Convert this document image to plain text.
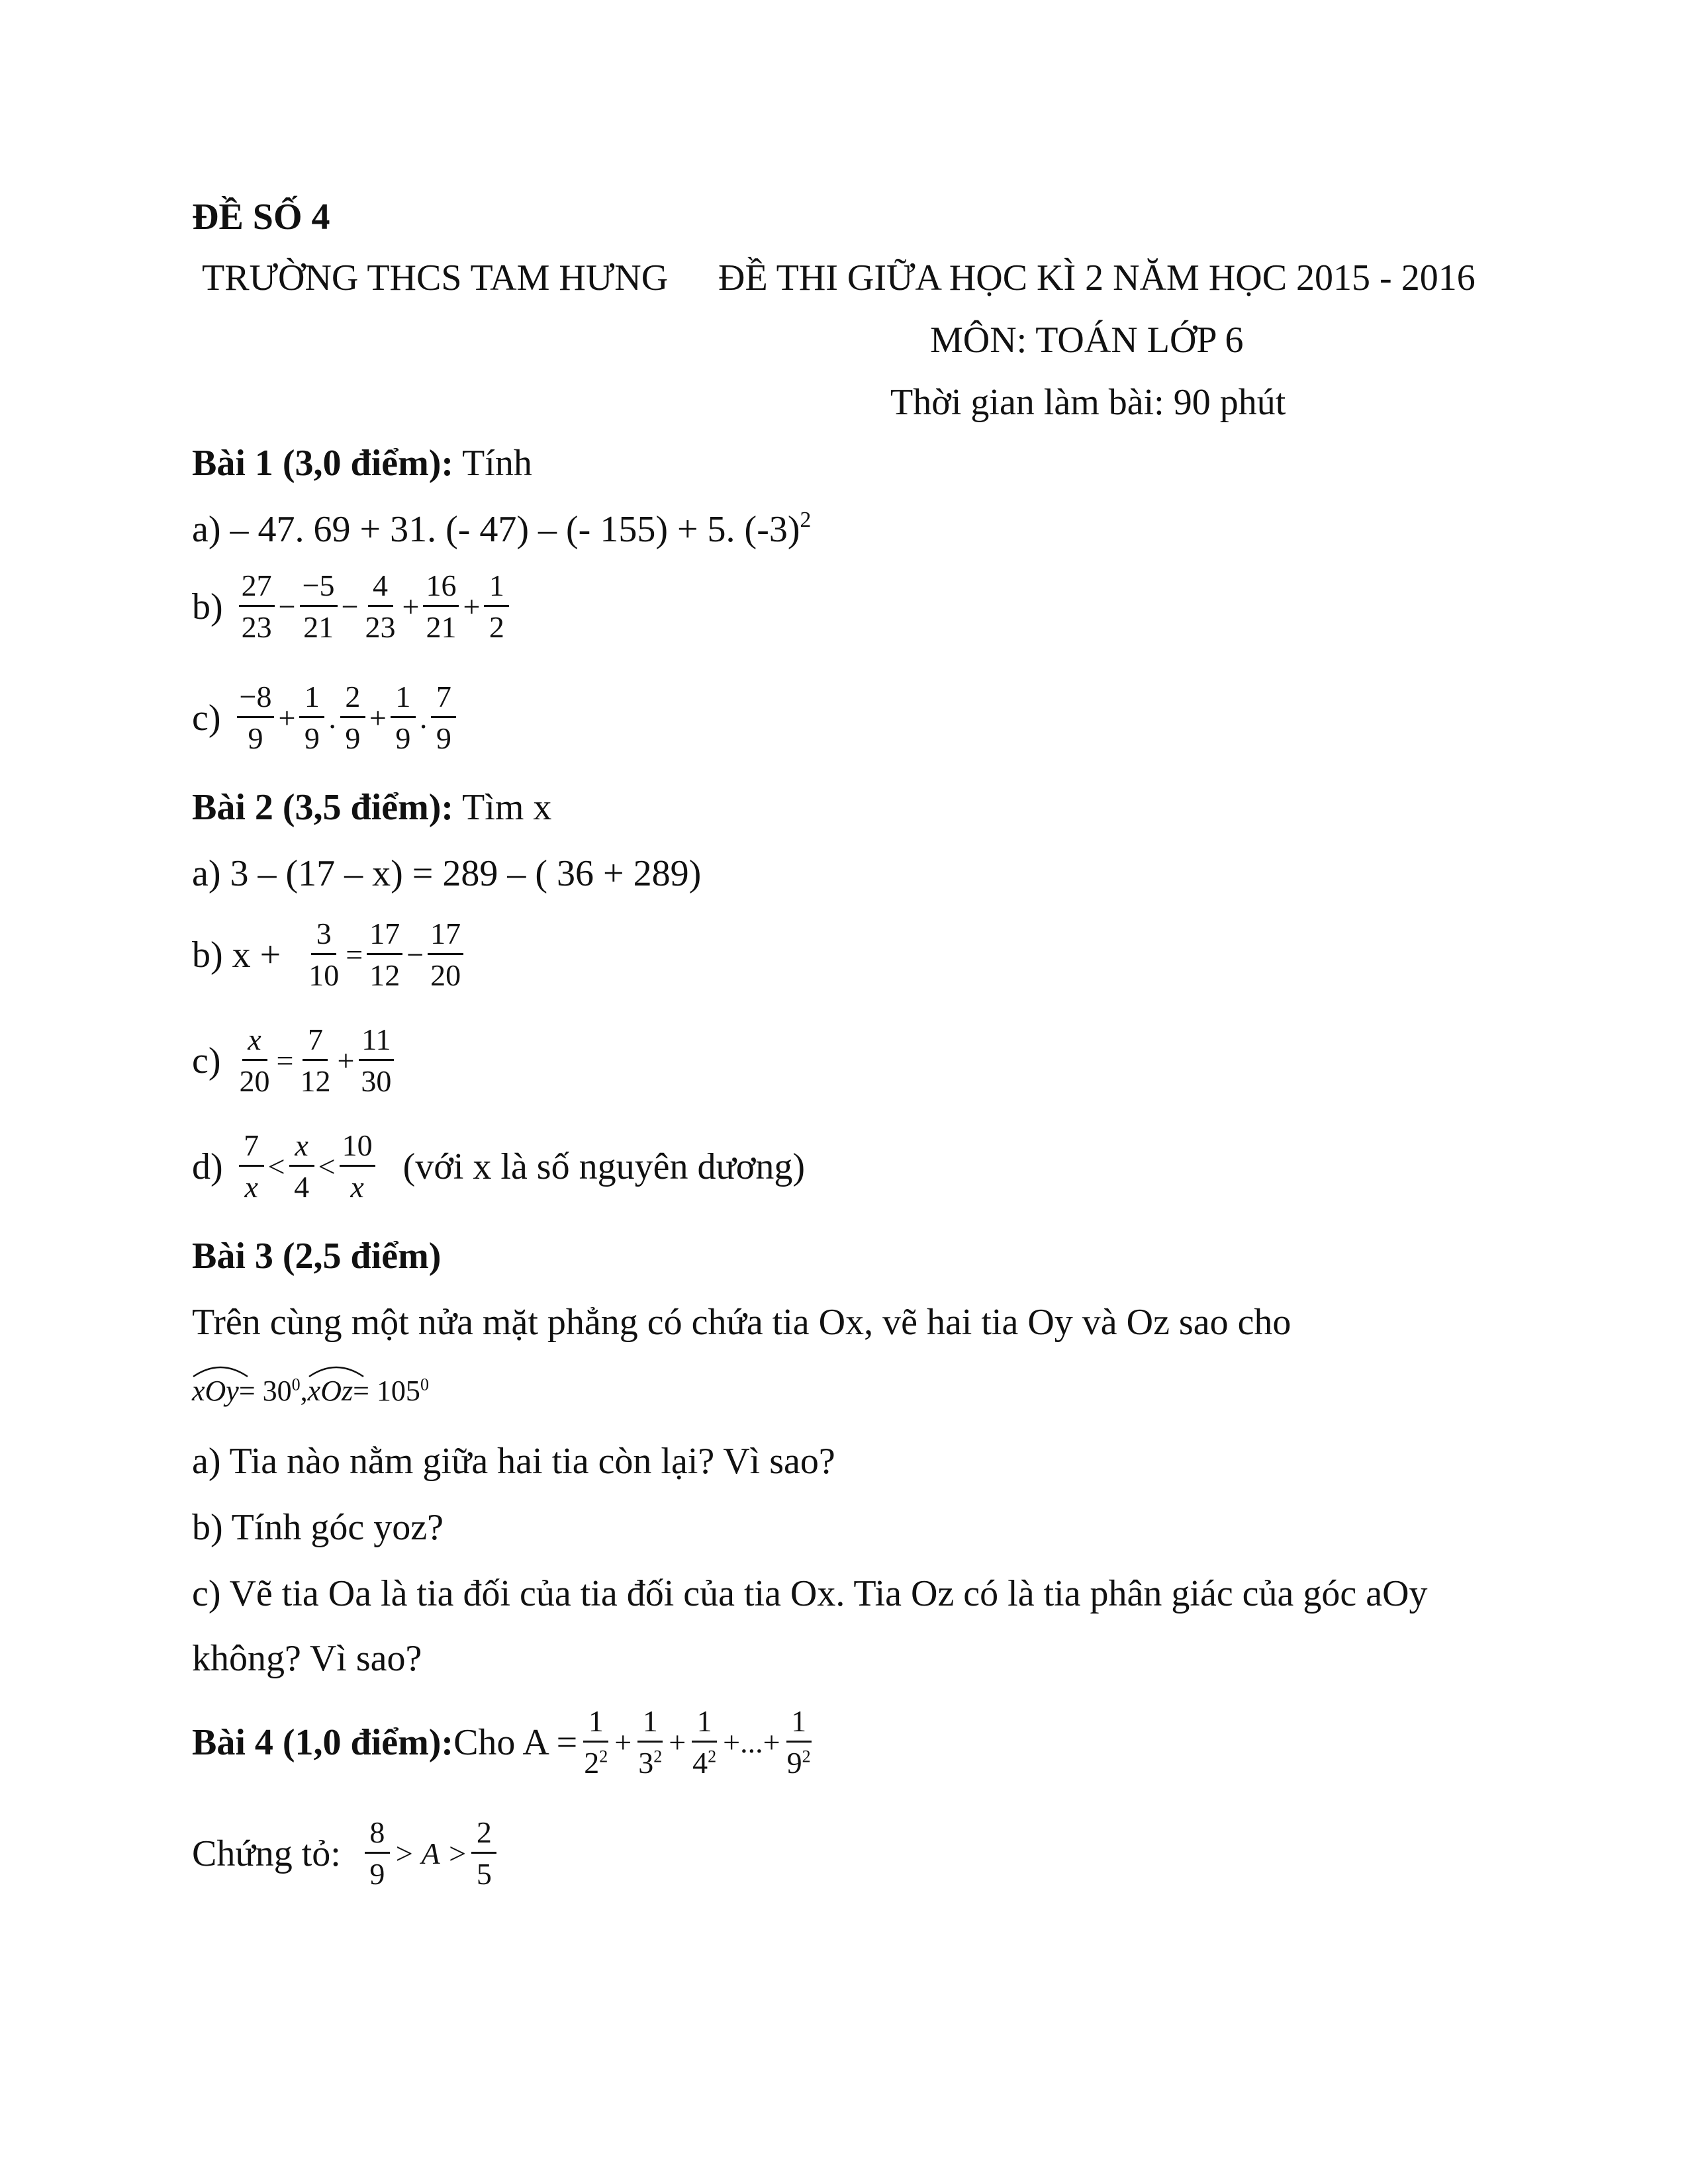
ĐỀ SỐ 4
TRƯỜNG THCS TAM HƯNG ĐỀ THI GIỮA HỌC KÌ 2 NĂM HỌC 2015 - 2016
MÔN: TOÁN LỚP 6
Thời gian làm bài: 90 phút
Bài 1 (3,0 điểm): Tính
a) – 47. 69 + 31. (- 47) – (- 155) + 5. $(-3)^2$
$b) \frac{27}{23} - \frac{-5}{21} - \frac{4}{23} + \frac{16}{21} + \frac{1}{2}$
$c) \frac{-8}{9} + \frac{1}{9}$ . $\frac{2}{9} + \frac{1}{9}$ . $\frac{7}{9}$
Bài 2 (3,5 điểm): Tìm x
a) 3 – (17 – x) = 289 – ( 36 + 289)
b) $x + \frac{3}{10} = \frac{17}{12} - \frac{17}{20}$
$c) \frac{x}{20} = \frac{7}{12} + \frac{11}{30}$
$d) \frac{7}{x} < \frac{x}{4} < \frac{10}{x}$ (với x là số nguyên dương)
Bài 3 (2,5 điểm)
Trên cùng một nửa mặt phẳng có chứa tia Ox, vẽ hai tia Oy và Oz sao cho
$xOy= 30^0$,
$xOz= 105^0$
a) Tia nào nằm giữa hai tia còn lại? Vì sao?
b) Tính góc yoz?
c) Vẽ tia Oa là tia đối của tia đối của tia Ox. Tia Oz có là tia phân giác của góc aOy
không? Vì sao?
Bài 4 (1,0 điểm): Cho $A = \frac{1}{2^2} + \frac{1}{3^2} + \frac{1}{4^2}$ +...+ $\frac{1}{9^2}$
Chứng tỏ: $\frac{8}{9} > A > \frac{2}{5}$
